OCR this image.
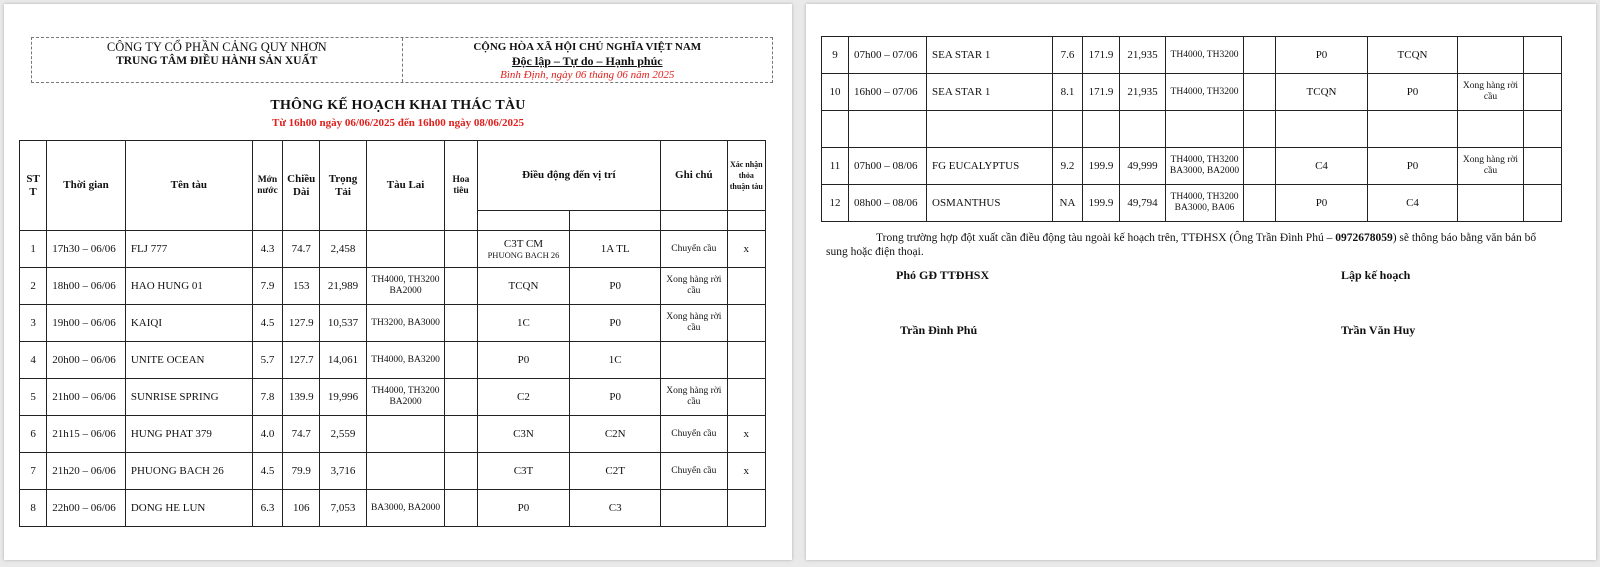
CÔNG TY CỔ PHẦN CẢNG QUY NHƠN
TRUNG TÂM ĐIỀU HÀNH SẢN XUẤT
CỘNG HÒA XÃ HỘI CHỦ NGHĨA VIỆT NAM
Độc lập – Tự do – Hạnh phúc
Bình Định, ngày 06 tháng 06 năm 2025
THÔNG KẾ HOẠCH KHAI THÁC TÀU
Từ 16h00 ngày 06/06/2025 đến 16h00 ngày 08/06/2025
ST T	Thời gian	Tên tàu	Mớn nước	Chiều Dài	Trọng Tải	Tàu Lai	Hoa tiêu	Điều động đến vị trí		Ghi chú	Xác nhận thỏa thuận tàu

1	17h30 – 06/06	FLJ 777	4.3	74.7	2,458			C3T CM
PHUONG BACH 26	1A TL	Chuyển cầu	x
2	18h00 – 06/06	HAO HUNG 01	7.9	153	21,989	TH4000, TH3200 BA2000		TCQN	P0	Xong hàng rời cầu	
3	19h00 – 06/06	KAIQI	4.5	127.9	10,537	TH3200, BA3000		1C	P0	Xong hàng rời cầu	
4	20h00 – 06/06	UNITE OCEAN	5.7	127.7	14,061	TH4000, BA3200		P0	1C		
5	21h00 – 06/06	SUNRISE SPRING	7.8	139.9	19,996	TH4000, TH3200 BA2000		C2	P0	Xong hàng rời cầu	
6	21h15 – 06/06	HUNG PHAT 379	4.0	74.7	2,559			C3N	C2N	Chuyển cầu	x
7	21h20 – 06/06	PHUONG BACH 26	4.5	79.9	3,716			C3T	C2T	Chuyển cầu	x
8	22h00 – 06/06	DONG HE LUN	6.3	106	7,053	BA3000, BA2000		P0	C3		
9	07h00 – 07/06	SEA STAR 1	7.6	171.9	21,935	TH4000, TH3200		P0	TCQN		
10	16h00 – 07/06	SEA STAR 1	8.1	171.9	21,935	TH4000, TH3200		TCQN	P0	Xong hàng rời cầu	

11	07h00 – 08/06	FG EUCALYPTUS	9.2	199.9	49,999	TH4000, TH3200 BA3000, BA2000		C4	P0	Xong hàng rời cầu	
12	08h00 – 08/06	OSMANTHUS	NA	199.9	49,794	TH4000, TH3200 BA3000, BA06		P0	C4		
Trong trường hợp đột xuất cần điều động tàu ngoài kế hoạch trên, TTĐHSX (Ông Trần Đình Phú – 0972678059) sẽ thông báo bằng văn bản bổ sung hoặc điện thoại.
Phó GĐ TTĐHSX
Trần Đình Phú
Lập kế hoạch
Trần Văn Huy
